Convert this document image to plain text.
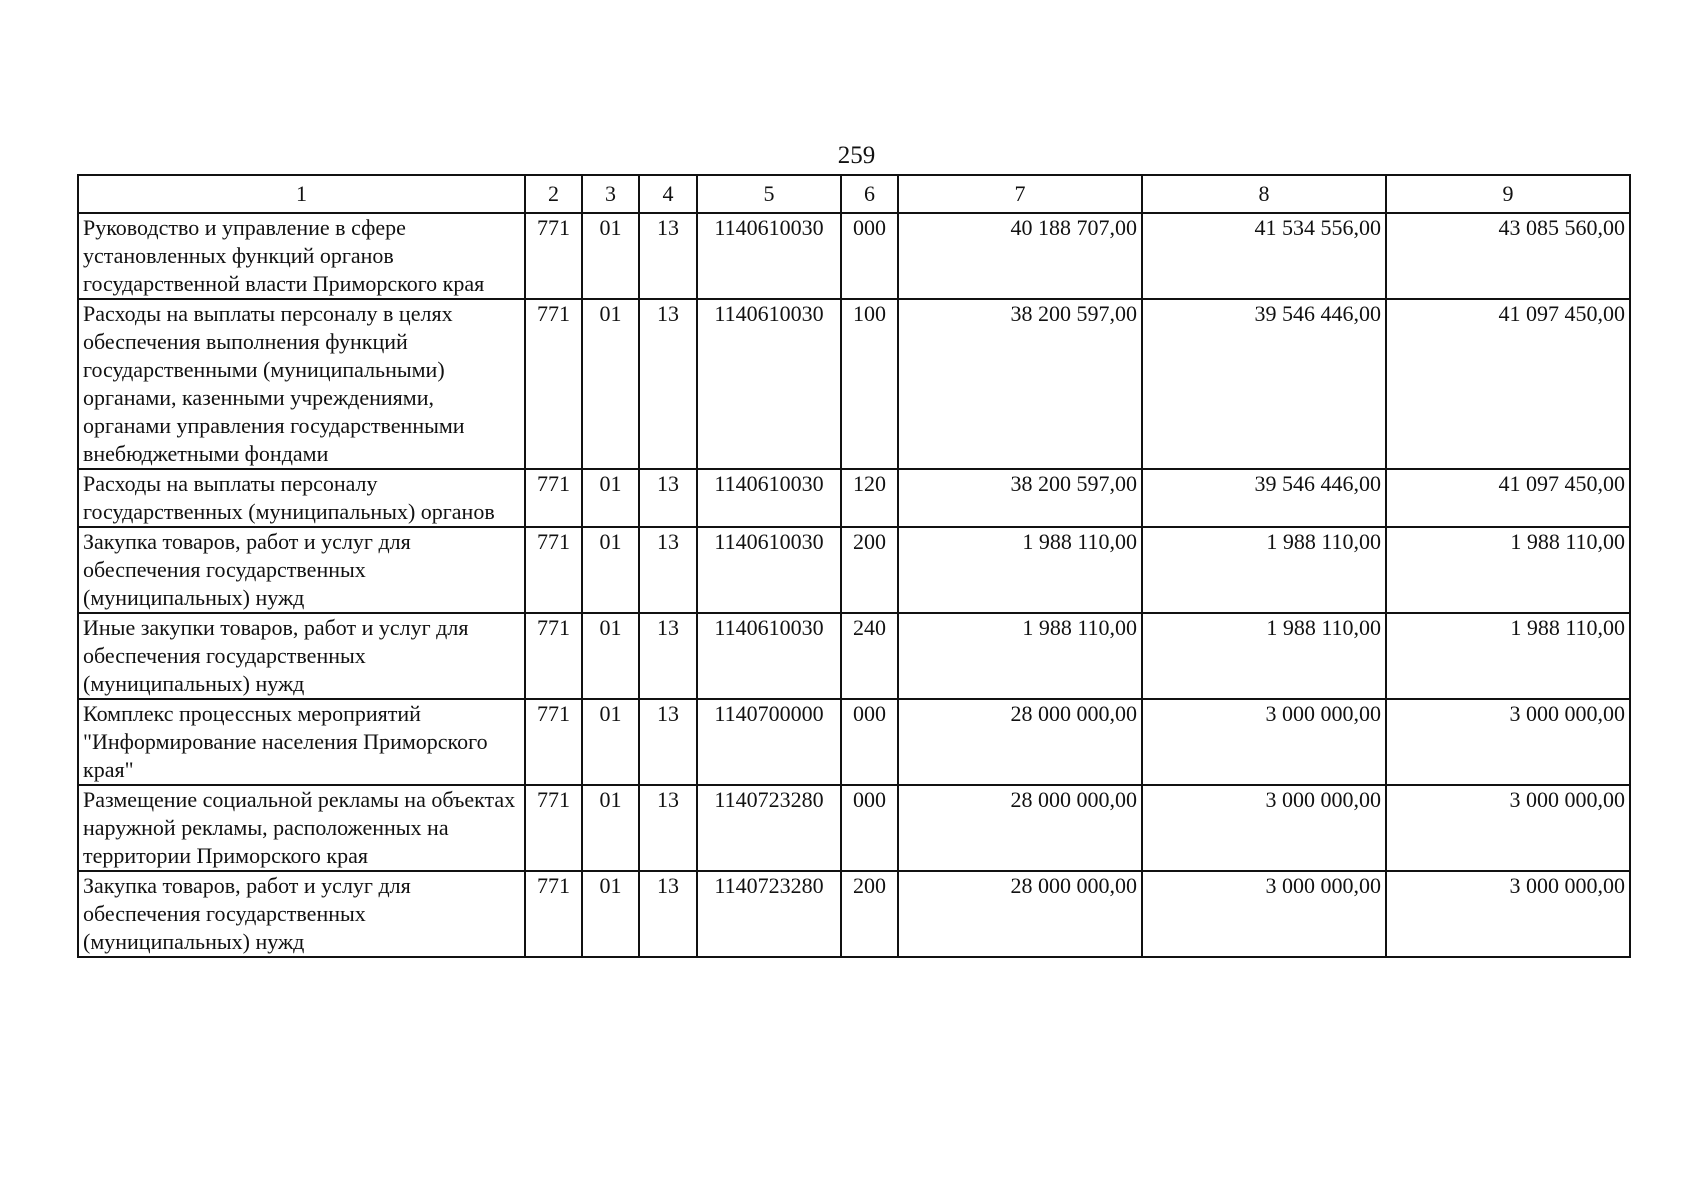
259
1	2	3	4	5	6	7	8	9
Руководство и управление в сфере установленных функций органов государственной власти Приморского края	771	01	13	1140610030	000	40 188 707,00	41 534 556,00	43 085 560,00
Расходы на выплаты персоналу в целях обеспечения выполнения функций государственными (муниципальными) органами, казенными учреждениями, органами управления государственными внебюджетными фондами	771	01	13	1140610030	100	38 200 597,00	39 546 446,00	41 097 450,00
Расходы на выплаты персоналу государственных (муниципальных) органов	771	01	13	1140610030	120	38 200 597,00	39 546 446,00	41 097 450,00
Закупка товаров, работ и услуг для обеспечения государственных (муниципальных) нужд	771	01	13	1140610030	200	1 988 110,00	1 988 110,00	1 988 110,00
Иные закупки товаров, работ и услуг для обеспечения государственных (муниципальных) нужд	771	01	13	1140610030	240	1 988 110,00	1 988 110,00	1 988 110,00
Комплекс процессных мероприятий "Информирование населения Приморского края"	771	01	13	1140700000	000	28 000 000,00	3 000 000,00	3 000 000,00
Размещение социальной рекламы на объектах наружной рекламы, расположенных на территории Приморского края	771	01	13	1140723280	000	28 000 000,00	3 000 000,00	3 000 000,00
Закупка товаров, работ и услуг для обеспечения государственных (муниципальных) нужд	771	01	13	1140723280	200	28 000 000,00	3 000 000,00	3 000 000,00
